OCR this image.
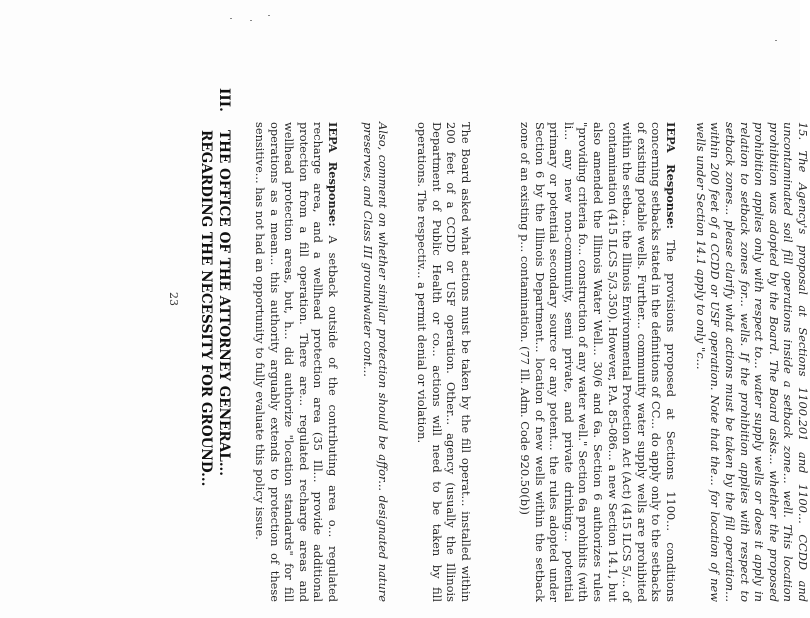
15. The Agency's proposal at Sections 1100.201 and 1100... CCDD and uncontaminated soil fill operations inside a setback zone... well. This location prohibition was adopted by the Board. The Board asks... whether the proposed prohibition applies only with respect to... water supply wells or does it apply in relation to setback zones for... wells. If the prohibition applies with respect to setback zones... please clarify what actions must be taken by the fill operation... within 200 feet of a CCDD or USF operation. Note that the... for location of new wells under Section 14.1 apply to only "c...
IEPA Response: The provisions proposed at Sections 1100... conditions concerning setbacks stated in the definitions of CC... do apply only to the setbacks of existing potable wells. Further... community water supply wells are prohibited within the setba... the Illinois Environmental Protection Act (Act) (415 ILCS 5/... of contamination (415 ILCS 5/3.350). However, P.A. 85-086... a new Section 14.1, but also amended the Illinois Water Well... 30/6 and 6a. Section 6 authorizes rules "providing criteria fo... construction of any water well." Section 6a prohibits (with li... any new non-community, semi private, and private drinking... potential primary or potential secondary source or any potent... the rules adopted under Section 6 by the Illinois Department... location of new wells within the setback zone of an existing p... contamination. (77 Ill. Adm. Code 920.50(b))
The Board asked what actions must be taken by the fill operat... installed within 200 feet of a CCDD or USF operation. Other... agency (usually the Illinois Department of Public Health or co... actions will need to be taken by fill operations. The respectiv... a permit denial or violation.
Also, comment on whether similar protection should be affor... designated nature preserves, and Class III groundwater cont...
IEPA Response: A setback outside of the contributing area o... regulated recharge area, and a wellhead protection area (35 Ill... provide additional protection from a fill operation. There are... regulated recharge areas and wellhead protection areas, but, h... did authorize "location standards" for fill operations as a mean... this authority arguably extends to protection of these sensitive... has not had an opportunity to fully evaluate this policy issue.
III.
THE OFFICE OF THE ATTORNEY GENERAL...
REGARDING THE NECESSITY FOR GROUND...
23
